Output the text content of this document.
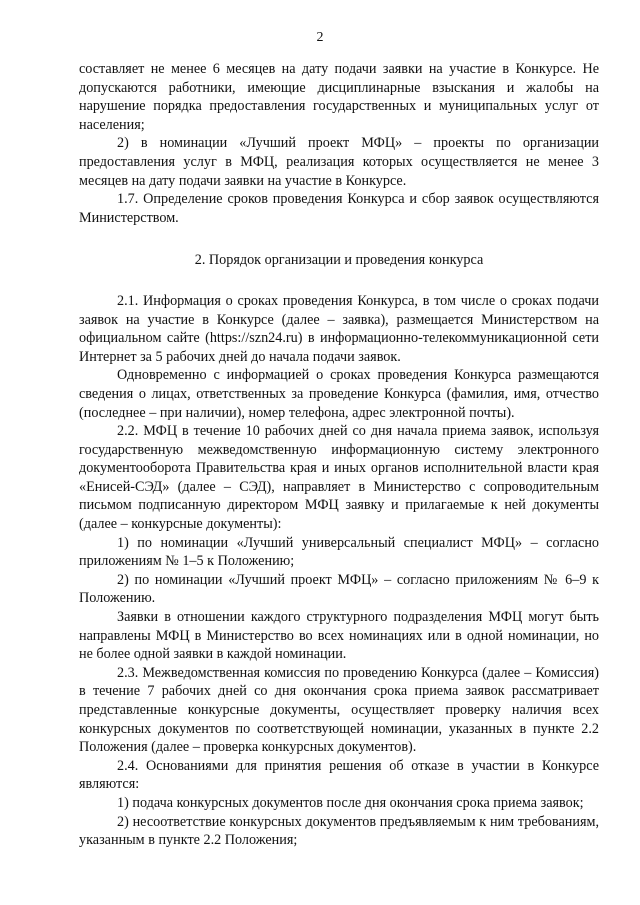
2

составляет не менее 6 месяцев на дату подачи заявки на участие в Конкурсе. Не допускаются работники, имеющие дисциплинарные взыскания и жалобы на нарушение порядка предоставления государственных и муниципальных услуг от населения;

2) в номинации «Лучший проект МФЦ» – проекты по организации предоставления услуг в МФЦ, реализация которых осуществляется не менее 3 месяцев на дату подачи заявки на участие в Конкурсе.

1.7. Определение сроков проведения Конкурса и сбор заявок осуществляются Министерством.

2. Порядок организации и проведения конкурса

2.1. Информация о сроках проведения Конкурса, в том числе о сроках подачи заявок на участие в Конкурсе (далее – заявка), размещается Министерством на официальном сайте (https://szn24.ru) в информационно-телекоммуникационной сети Интернет за 5 рабочих дней до начала подачи заявок.

Одновременно с информацией о сроках проведения Конкурса размещаются сведения о лицах, ответственных за проведение Конкурса (фамилия, имя, отчество (последнее – при наличии), номер телефона, адрес электронной почты).

2.2. МФЦ в течение 10 рабочих дней со дня начала приема заявок, используя государственную межведомственную информационную систему электронного документооборота Правительства края и иных органов исполнительной власти края «Енисей-СЭД» (далее – СЭД), направляет в Министерство с сопроводительным письмом подписанную директором МФЦ заявку и прилагаемые к ней документы (далее – конкурсные документы):

1) по номинации «Лучший универсальный специалист МФЦ» – согласно приложениям № 1–5 к Положению;

2) по номинации «Лучший проект МФЦ» – согласно приложениям № 6–9 к Положению.

Заявки в отношении каждого структурного подразделения МФЦ могут быть направлены МФЦ в Министерство во всех номинациях или в одной номинации, но не более одной заявки в каждой номинации.

2.3. Межведомственная комиссия по проведению Конкурса (далее – Комиссия) в течение 7 рабочих дней со дня окончания срока приема заявок рассматривает представленные конкурсные документы, осуществляет проверку наличия всех конкурсных документов по соответствующей номинации, указанных в пункте 2.2 Положения (далее – проверка конкурсных документов).

2.4. Основаниями для принятия решения об отказе в участии в Конкурсе являются:

1) подача конкурсных документов после дня окончания срока приема заявок;

2) несоответствие конкурсных документов предъявляемым к ним требованиям, указанным в пункте 2.2 Положения;
